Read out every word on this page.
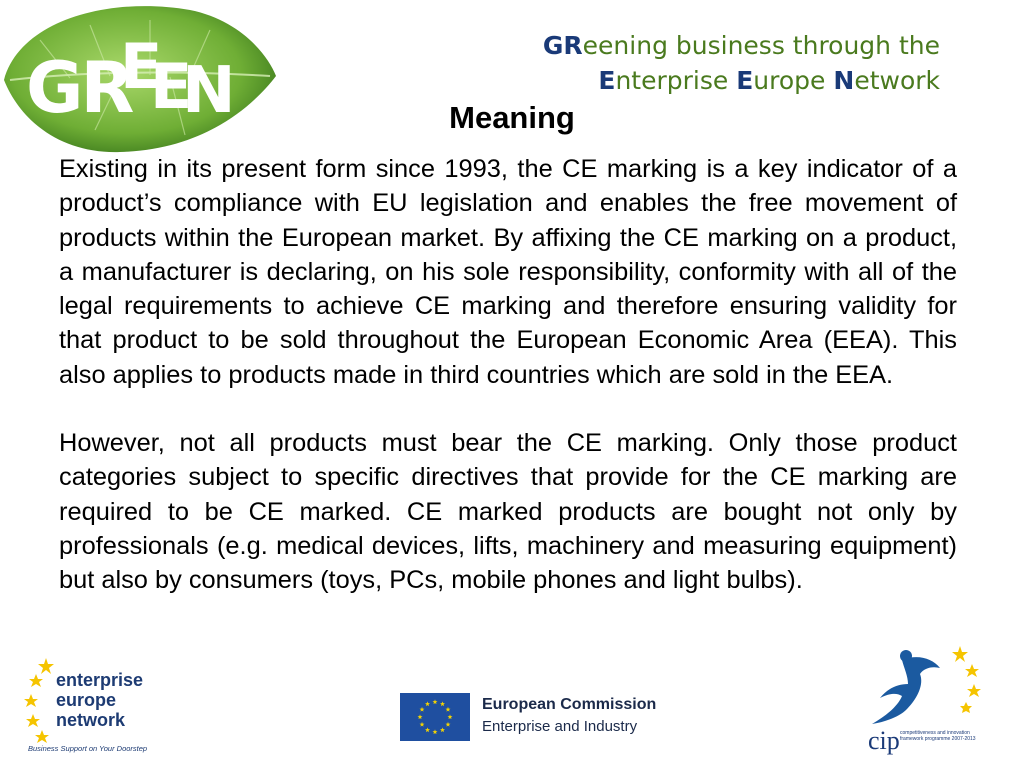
GR
E
E
N
GReening business through the
Enterprise Europe Network
Meaning

Existing in its present form since 1993, the CE marking is a key indicator of a product’s compliance with EU legislation and enables the free movement of products within the European market. By affixing the CE marking on a product, a manufacturer is declaring, on his sole responsibility, conformity with all of the legal requirements to achieve CE marking and therefore ensuring validity for that product to be sold throughout the European Economic Area (EEA). This also applies to products made in third countries which are sold in the EEA.

However, not all products must bear the CE marking. Only those product categories subject to specific directives that provide for the CE marking are required to be CE marked. CE marked products are bought not only by professionals (e.g. medical devices, lifts, machinery and measuring equipment) but also by consumers (toys, PCs, mobile phones and light bulbs).

enterprise
europe
network
Business Support on Your Doorstep
European Commission
Enterprise and Industry	cip competitiveness and innovation framework programme 2007-2013
